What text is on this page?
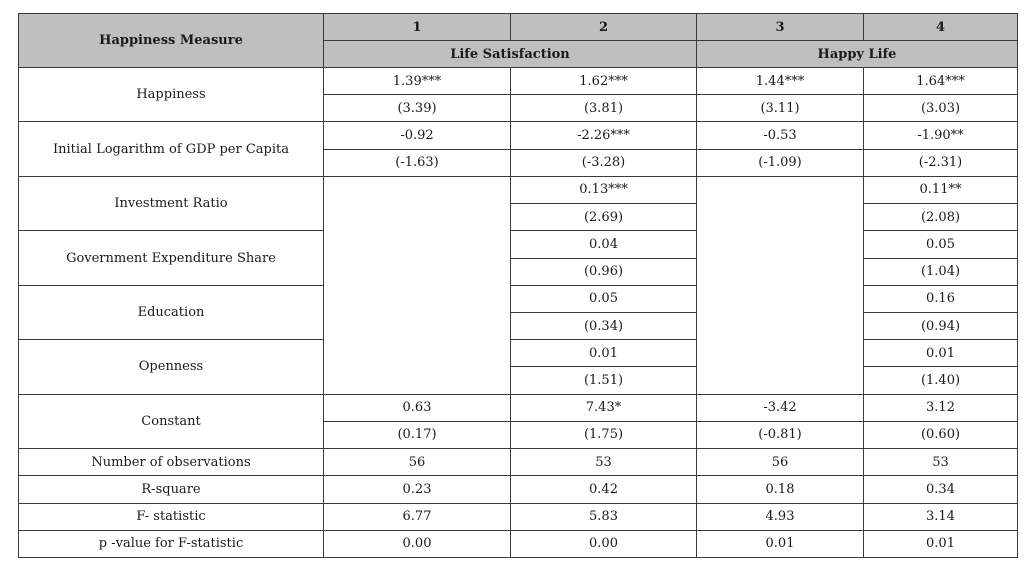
Happiness Measure	1	2	3	4
	Life Satisfaction		Happy Life	
Happiness	1.39***	1.62***	1.44***	1.64***
	(3.39)	(3.81)	(3.11)	(3.03)
Initial Logarithm of GDP per Capita	-0.92	-2.26***	-0.53	-1.90**
	(-1.63)	(-3.28)	(-1.09)	(-2.31)
Investment Ratio		0.13***		0.11**
		(2.69)		(2.08)
Government Expenditure Share		0.04		0.05
		(0.96)		(1.04)
Education		0.05		0.16
		(0.34)		(0.94)
Openness		0.01		0.01
		(1.51)		(1.40)
Constant	0.63	7.43*	-3.42	3.12
	(0.17)	(1.75)	(-0.81)	(0.60)
Number of observations	56	53	56	53
R-square	0.23	0.42	0.18	0.34
F- statistic	6.77	5.83	4.93	3.14
p -value for F-statistic	0.00	0.00	0.01	0.01
